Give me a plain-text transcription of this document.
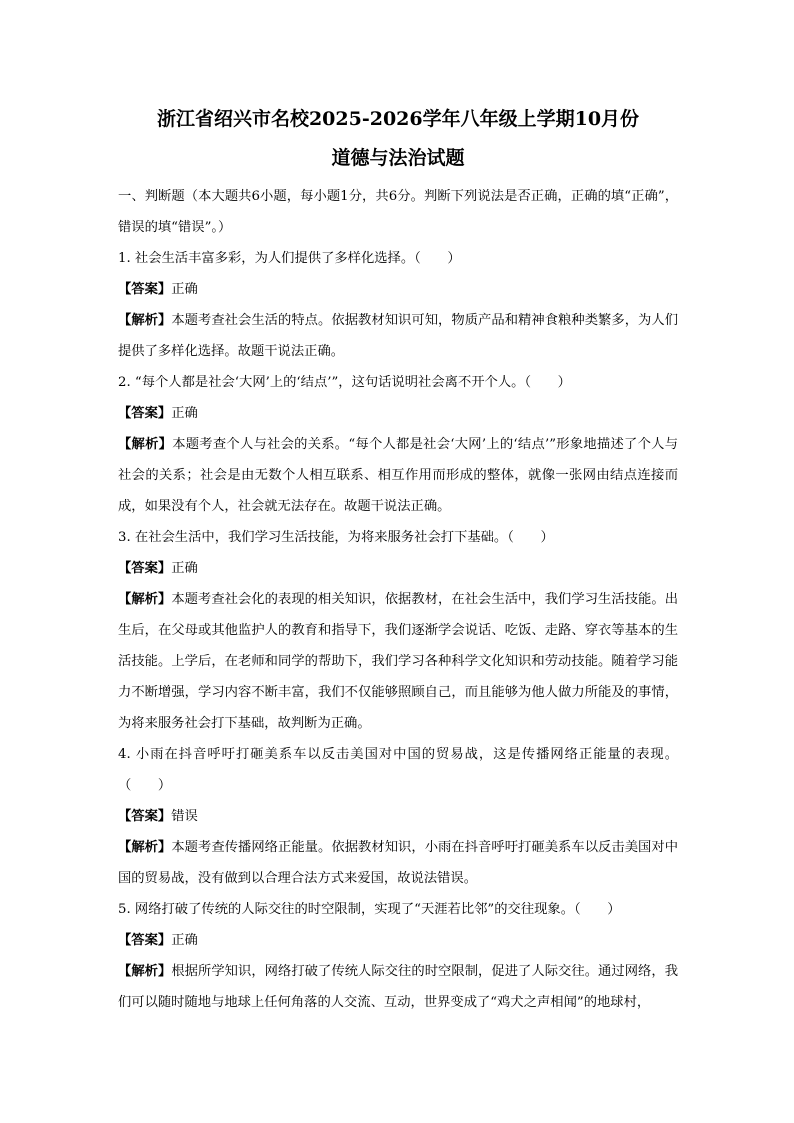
浙江省绍兴市名校2025-2026学年八年级上学期10月份
道德与法治试题

一、判断题（本大题共6小题，每小题1分，共6分。判断下列说法是否正确，正确的填“正确”，错误的填“错误”。）

1. 社会生活丰富多彩，为人们提供了多样化选择。（　　）

【答案】正确

【解析】本题考查社会生活的特点。依据教材知识可知，物质产品和精神食粮种类繁多，为人们提供了多样化选择。故题干说法正确。

2. “每个人都是社会‘大网’上的‘结点’”，这句话说明社会离不开个人。（　　）

【答案】正确

【解析】本题考查个人与社会的关系。“每个人都是社会‘大网’上的‘结点’”形象地描述了个人与社会的关系；社会是由无数个人相互联系、相互作用而形成的整体，就像一张网由结点连接而成，如果没有个人，社会就无法存在。故题干说法正确。

3. 在社会生活中，我们学习生活技能，为将来服务社会打下基础。（　　）

【答案】正确

【解析】本题考查社会化的表现的相关知识，依据教材，在社会生活中，我们学习生活技能。出生后，在父母或其他监护人的教育和指导下，我们逐渐学会说话、吃饭、走路、穿衣等基本的生活技能。上学后，在老师和同学的帮助下，我们学习各种科学文化知识和劳动技能。随着学习能力不断增强，学习内容不断丰富，我们不仅能够照顾自己，而且能够为他人做力所能及的事情，为将来服务社会打下基础，故判断为正确。

4. 小雨在抖音呼吁打砸美系车以反击美国对中国的贸易战，这是传播网络正能量的表现。（　　）

【答案】错误

【解析】本题考查传播网络正能量。依据教材知识，小雨在抖音呼吁打砸美系车以反击美国对中国的贸易战，没有做到以合理合法方式来爱国，故说法错误。

5. 网络打破了传统的人际交往的时空限制，实现了“天涯若比邻”的交往现象。（　　）

【答案】正确

【解析】根据所学知识，网络打破了传统人际交往的时空限制，促进了人际交往。通过网络，我们可以随时随地与地球上任何角落的人交流、互动，世界变成了“鸡犬之声相闻”的地球村，
